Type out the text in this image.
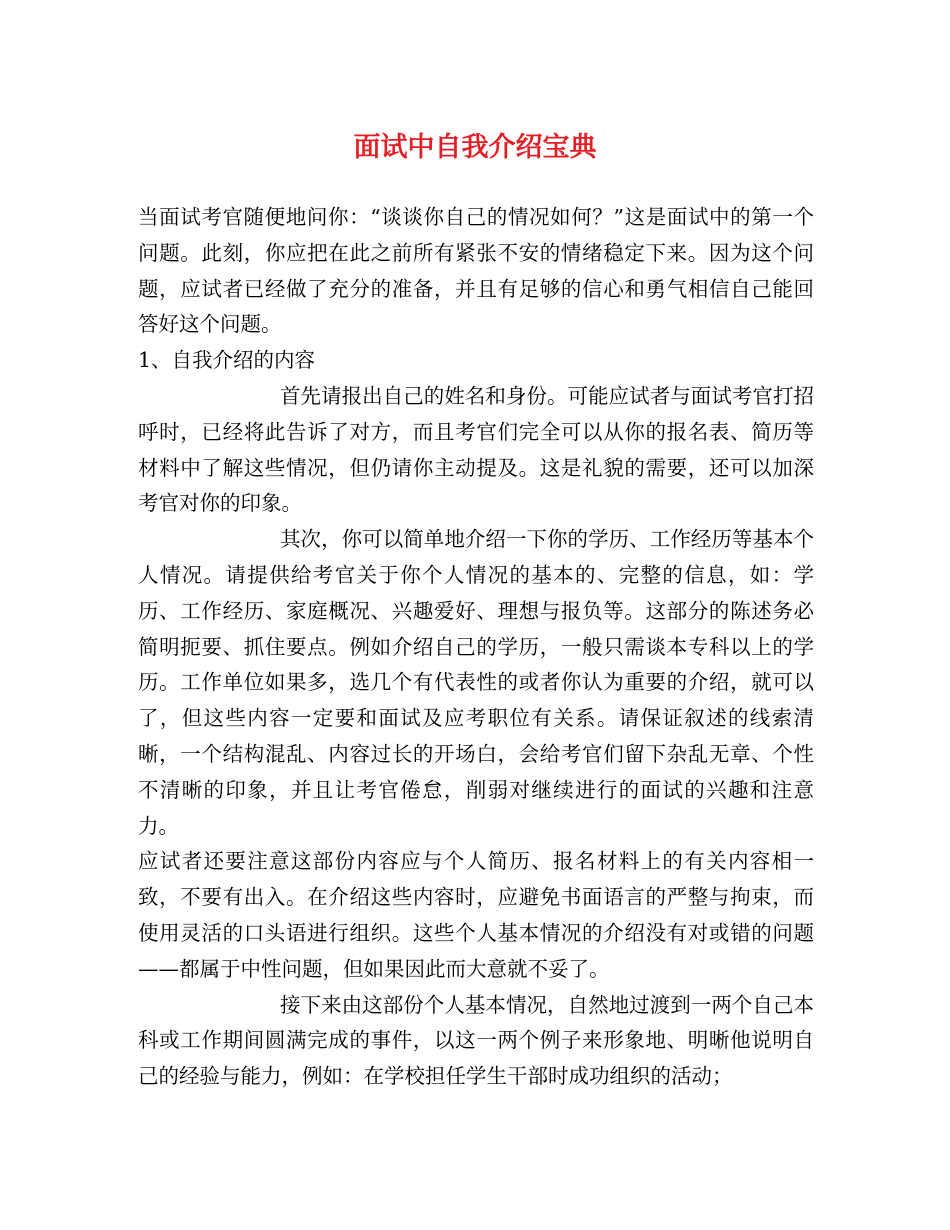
面试中自我介绍宝典

当面试考官随便地问你：“谈谈你自己的情况如何？”这是面试中的第一个问题。此刻，你应把在此之前所有紧张不安的情绪稳定下来。因为这个问题，应试者已经做了充分的准备，并且有足够的信心和勇气相信自己能回答好这个问题。

1、自我介绍的内容

首先请报出自己的姓名和身份。可能应试者与面试考官打招呼时，已经将此告诉了对方，而且考官们完全可以从你的报名表、简历等材料中了解这些情况，但仍请你主动提及。这是礼貌的需要，还可以加深考官对你的印象。

其次，你可以简单地介绍一下你的学历、工作经历等基本个人情况。请提供给考官关于你个人情况的基本的、完整的信息，如：学历、工作经历、家庭概况、兴趣爱好、理想与报负等。这部分的陈述务必简明扼要、抓住要点。例如介绍自己的学历，一般只需谈本专科以上的学历。工作单位如果多，选几个有代表性的或者你认为重要的介绍，就可以了，但这些内容一定要和面试及应考职位有关系。请保证叙述的线索清晰，一个结构混乱、内容过长的开场白，会给考官们留下杂乱无章、个性不清晰的印象，并且让考官倦怠，削弱对继续进行的面试的兴趣和注意力。

应试者还要注意这部份内容应与个人简历、报名材料上的有关内容相一致，不要有出入。在介绍这些内容时，应避免书面语言的严整与拘束，而使用灵活的口头语进行组织。这些个人基本情况的介绍没有对或错的问题——都属于中性问题，但如果因此而大意就不妥了。

接下来由这部份个人基本情况，自然地过渡到一两个自己本科或工作期间圆满完成的事件，以这一两个例子来形象地、明晰他说明自己的经验与能力，例如：在学校担任学生干部时成功组织的活动；
